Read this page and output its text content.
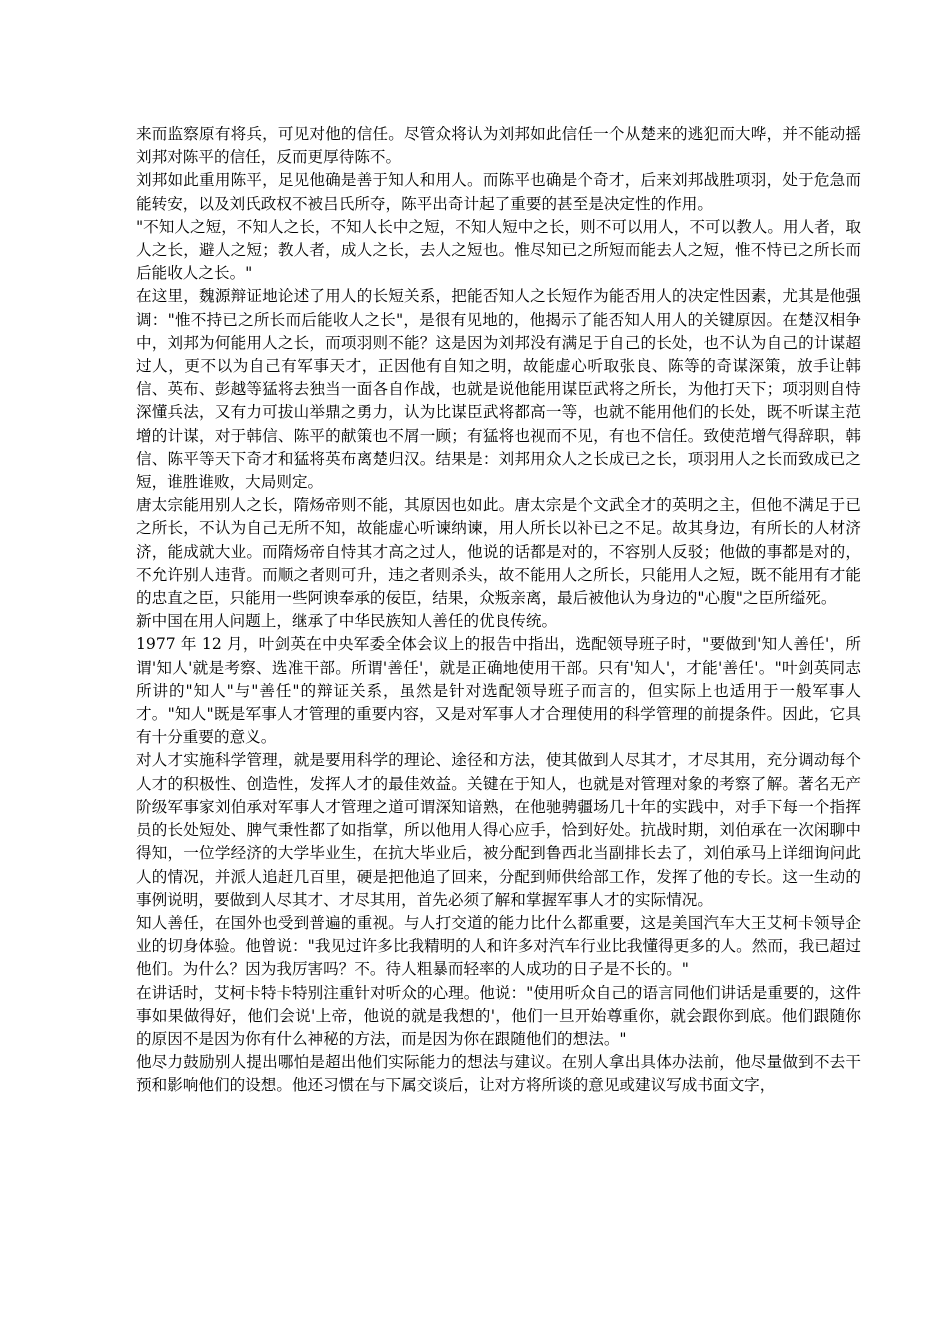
来而监察原有将兵，可见对他的信任。尽管众将认为刘邦如此信任一个从楚来的逃犯而大哗，并不能动摇刘邦对陈平的信任，反而更厚待陈不。

刘邦如此重用陈平，足见他确是善于知人和用人。而陈平也确是个奇才，后来刘邦战胜项羽，处于危急而能转安，以及刘氏政权不被吕氏所夺，陈平出奇计起了重要的甚至是决定性的作用。

"不知人之短，不知人之长，不知人长中之短，不知人短中之长，则不可以用人，不可以教人。用人者，取人之长，避人之短；教人者，成人之长，去人之短也。惟尽知已之所短而能去人之短，惟不恃已之所长而后能收人之长。"

在这里，魏源辩证地论述了用人的长短关系，把能否知人之长短作为能否用人的决定性因素，尤其是他强调："惟不持已之所长而后能收人之长"，是很有见地的，他揭示了能否知人用人的关键原因。在楚汉相争中，刘邦为何能用人之长，而项羽则不能？这是因为刘邦没有满足于自己的长处，也不认为自己的计谋超过人，更不以为自己有军事天才，正因他有自知之明，故能虚心听取张良、陈等的奇谋深策，放手让韩信、英布、彭越等猛将去独当一面各自作战，也就是说他能用谋臣武将之所长，为他打天下；项羽则自恃深懂兵法，又有力可拔山举鼎之勇力，认为比谋臣武将都高一等，也就不能用他们的长处，既不听谋主范增的计谋，对于韩信、陈平的献策也不屑一顾；有猛将也视而不见，有也不信任。致使范增气得辞职，韩信、陈平等天下奇才和猛将英布离楚归汉。结果是：刘邦用众人之长成已之长，项羽用人之长而致成已之短，谁胜谁败，大局则定。

唐太宗能用别人之长，隋炀帝则不能，其原因也如此。唐太宗是个文武全才的英明之主，但他不满足于已之所长，不认为自己无所不知，故能虚心听谏纳谏，用人所长以补已之不足。故其身边，有所长的人材济济，能成就大业。而隋炀帝自恃其才高之过人，他说的话都是对的，不容别人反驳；他做的事都是对的，不允许别人违背。而顺之者则可升，违之者则杀头，故不能用人之所长，只能用人之短，既不能用有才能的忠直之臣，只能用一些阿谀奉承的佞臣，结果，众叛亲离，最后被他认为身边的"心腹"之臣所缢死。

新中国在用人问题上，继承了中华民族知人善任的优良传统。

1977 年 12 月，叶剑英在中央军委全体会议上的报告中指出，选配领导班子时，"要做到'知人善任'，所谓'知人'就是考察、选准干部。所谓'善任'，就是正确地使用干部。只有'知人'，才能'善任'。"叶剑英同志所讲的"知人"与"善任"的辩证关系，虽然是针对选配领导班子而言的，但实际上也适用于一般军事人才。"知人"既是军事人才管理的重要内容，又是对军事人才合理使用的科学管理的前提条件。因此，它具有十分重要的意义。

对人才实施科学管理，就是要用科学的理论、途径和方法，使其做到人尽其才，才尽其用，充分调动每个人才的积极性、创造性，发挥人才的最佳效益。关键在于知人，也就是对管理对象的考察了解。著名无产阶级军事家刘伯承对军事人才管理之道可谓深知谙熟，在他驰骋疆场几十年的实践中，对手下每一个指挥员的长处短处、脾气秉性都了如指掌，所以他用人得心应手，恰到好处。抗战时期，刘伯承在一次闲聊中得知，一位学经济的大学毕业生，在抗大毕业后，被分配到鲁西北当副排长去了，刘伯承马上详细询问此人的情况，并派人追赶几百里，硬是把他追了回来，分配到师供给部工作，发挥了他的专长。这一生动的事例说明，要做到人尽其才、才尽其用，首先必须了解和掌握军事人才的实际情况。

知人善任，在国外也受到普遍的重视。与人打交道的能力比什么都重要，这是美国汽车大王艾柯卡领导企业的切身体验。他曾说："我见过许多比我精明的人和许多对汽车行业比我懂得更多的人。然而，我已超过他们。为什么？因为我厉害吗？不。待人粗暴而轻率的人成功的日子是不长的。"

在讲话时，艾柯卡特卡特别注重针对听众的心理。他说："使用听众自己的语言同他们讲话是重要的，这件事如果做得好，他们会说'上帝，他说的就是我想的'，他们一旦开始尊重你，就会跟你到底。他们跟随你的原因不是因为你有什么神秘的方法，而是因为你在跟随他们的想法。"

他尽力鼓励别人提出哪怕是超出他们实际能力的想法与建议。在别人拿出具体办法前，他尽量做到不去干预和影响他们的设想。他还习惯在与下属交谈后，让对方将所谈的意见或建议写成书面文字，
